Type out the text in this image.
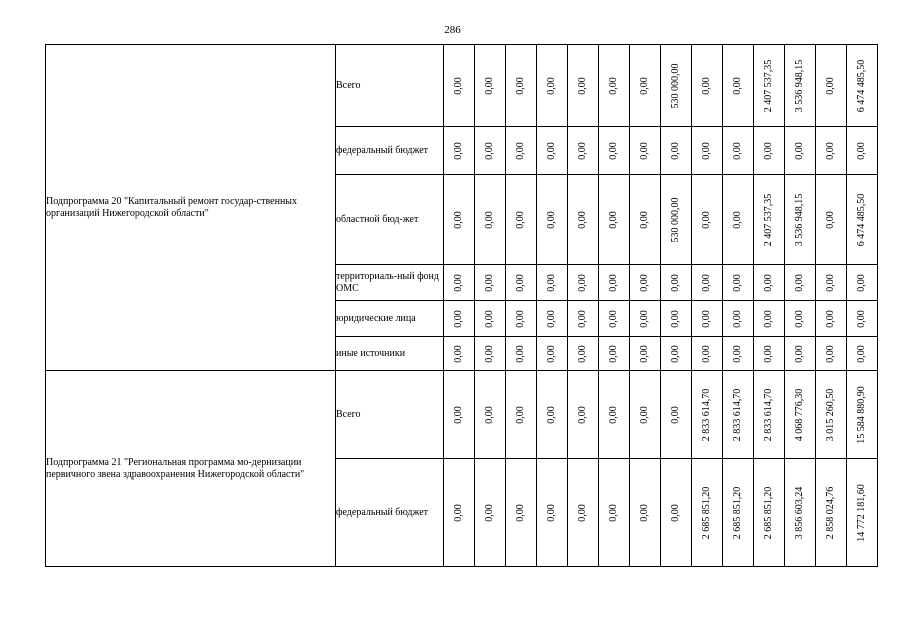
286
Подпрограмма 20 "Капитальный ремонт государ-ственных организаций Нижегородской области"	Всего	0,00	0,00	0,00	0,00	0,00	0,00	0,00	530 000,00	0,00	0,00	2 407 537,35	3 536 948,15	0,00	6 474 485,50

	федеральный бюджет	0,00	0,00	0,00	0,00	0,00	0,00	0,00	0,00	0,00	0,00	0,00	0,00	0,00	0,00

	областной бюд-жет	0,00	0,00	0,00	0,00	0,00	0,00	0,00	530 000,00	0,00	0,00	2 407 537,35	3 536 948,15	0,00	6 474 485,50

	территориаль-ный фонд ОМС	0,00	0,00	0,00	0,00	0,00	0,00	0,00	0,00	0,00	0,00	0,00	0,00	0,00	0,00

	юридические лица	0,00	0,00	0,00	0,00	0,00	0,00	0,00	0,00	0,00	0,00	0,00	0,00	0,00	0,00

	иные источники	0,00	0,00	0,00	0,00	0,00	0,00	0,00	0,00	0,00	0,00	0,00	0,00	0,00	0,00

Подпрограмма 21 "Региональная программа мо-дернизации первичного звена здравоохранения Нижегородской области"	Всего	0,00	0,00	0,00	0,00	0,00	0,00	0,00	0,00	2 833 614,70	2 833 614,70	2 833 614,70	4 068 776,30	3 015 260,50	15 584 880,90

	федеральный бюджет	0,00	0,00	0,00	0,00	0,00	0,00	0,00	0,00	2 685 851,20	2 685 851,20	2 685 851,20	3 856 603,24	2 858 024,76	14 772 181,60
